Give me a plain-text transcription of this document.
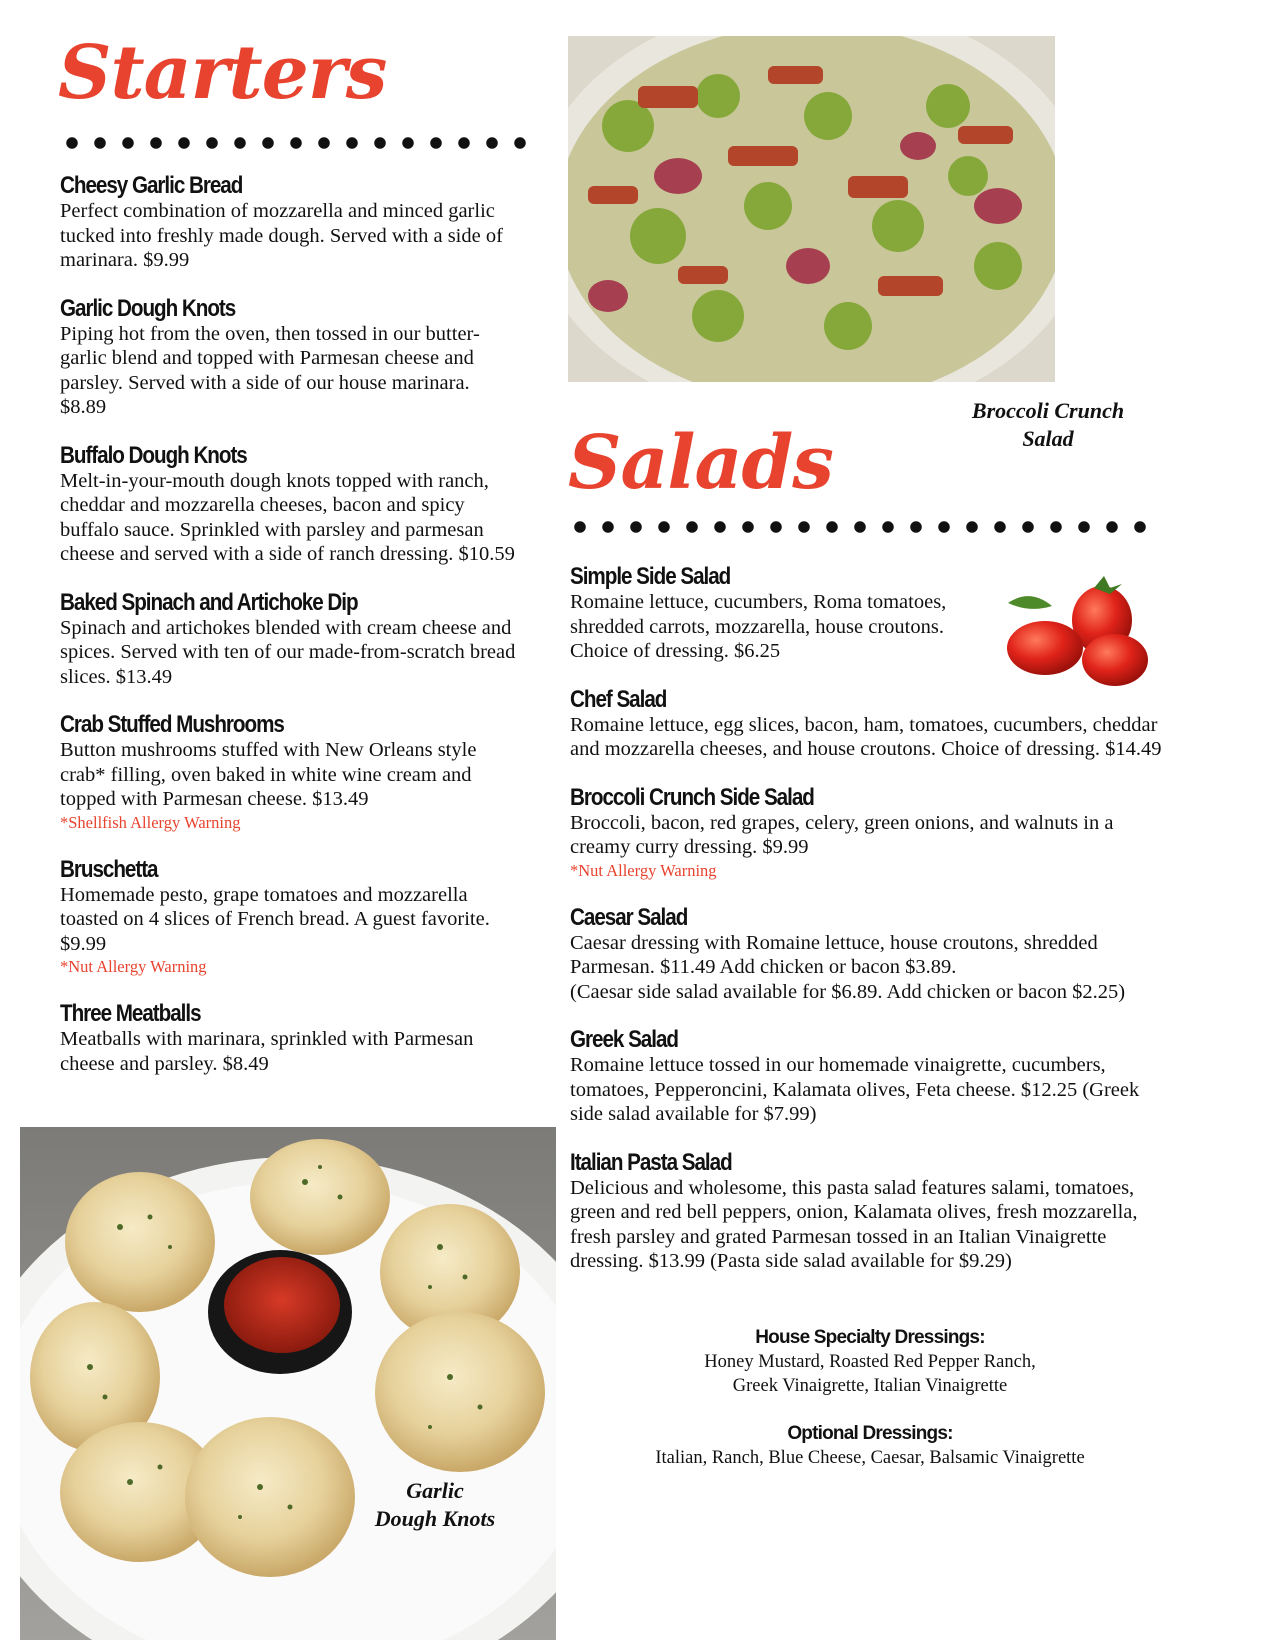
Starters
Cheesy Garlic Bread
Perfect combination of mozzarella and minced garlic tucked into freshly made dough. Served with a side of marinara. $9.99
Garlic Dough Knots
Piping hot from the oven, then tossed in our butter-garlic blend and topped with Parmesan cheese and parsley. Served with a side of our house marinara. $8.89
Buffalo Dough Knots
Melt-in-your-mouth dough knots topped with ranch, cheddar and mozzarella cheeses, bacon and spicy buffalo sauce. Sprinkled with parsley and parmesan cheese and served with a side of ranch dressing. $10.59
Baked Spinach and Artichoke Dip
Spinach and artichokes blended with cream cheese and spices. Served with ten of our made-from-scratch bread slices. $13.49
Crab Stuffed Mushrooms
Button mushrooms stuffed with New Orleans style crab* filling, oven baked in white wine cream and topped with Parmesan cheese. $13.49
*Shellfish Allergy Warning
Bruschetta
Homemade pesto, grape tomatoes and mozzarella toasted on 4 slices of French bread. A guest favorite. $9.99
*Nut Allergy Warning
Three Meatballs
Meatballs with marinara, sprinkled with Parmesan cheese and parsley. $8.49
Garlic
Dough Knots
Broccoli Crunch
Salad
Salads
Simple Side Salad
Romaine lettuce, cucumbers, Roma tomatoes, shredded carrots, mozzarella, house croutons. Choice of dressing. $6.25
Chef Salad
Romaine lettuce, egg slices, bacon, ham, tomatoes, cucumbers, cheddar and mozzarella cheeses, and house croutons. Choice of dressing. $14.49
Broccoli Crunch Side Salad
Broccoli, bacon, red grapes, celery, green onions, and walnuts in a creamy curry dressing. $9.99
*Nut Allergy Warning
Caesar Salad
Caesar dressing with Romaine lettuce, house croutons, shredded Parmesan. $11.49 Add chicken or bacon $3.89.
(Caesar side salad available for $6.89. Add chicken or bacon $2.25)
Greek Salad
Romaine lettuce tossed in our homemade vinaigrette, cucumbers, tomatoes, Pepperoncini, Kalamata olives, Feta cheese. $12.25 (Greek side salad available for $7.99)
Italian Pasta Salad
Delicious and wholesome, this pasta salad features salami, tomatoes, green and red bell peppers, onion, Kalamata olives, fresh mozzarella, fresh parsley and grated Parmesan tossed in an Italian Vinaigrette dressing. $13.99 (Pasta side salad available for $9.29)
House Specialty Dressings:
Honey Mustard, Roasted Red Pepper Ranch,
Greek Vinaigrette, Italian Vinaigrette
Optional Dressings:
Italian, Ranch, Blue Cheese, Caesar, Balsamic Vinaigrette
